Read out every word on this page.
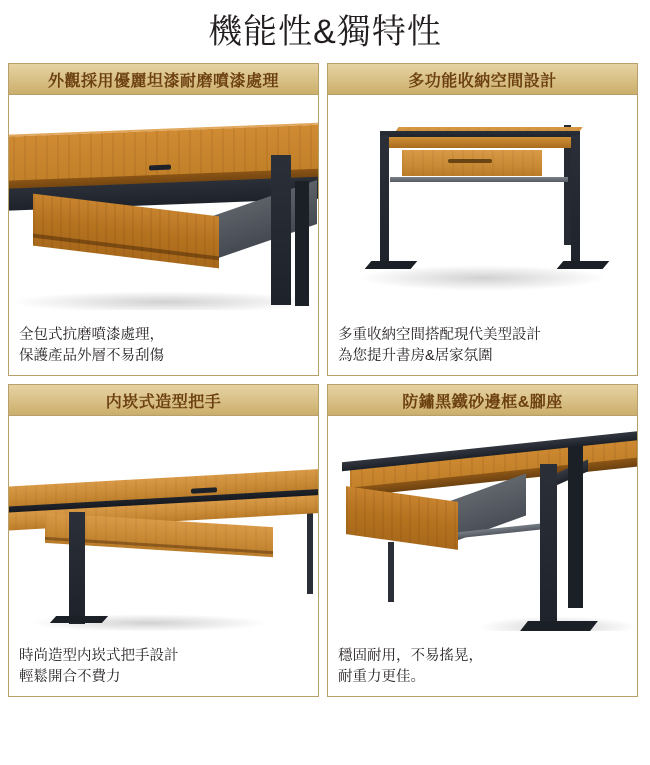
機能性&獨特性
外觀採用優麗坦漆耐磨噴漆處理
全包式抗磨噴漆處理，
保護產品外層不易刮傷
多功能收納空間設計
多重收納空間搭配現代美型設計
為您提升書房&居家氛圍
内崁式造型把手
時尚造型内崁式把手設計
輕鬆開合不費力
防鏽黑鐵砂邊框&腳座
穩固耐用，不易搖晃，
耐重力更佳。
